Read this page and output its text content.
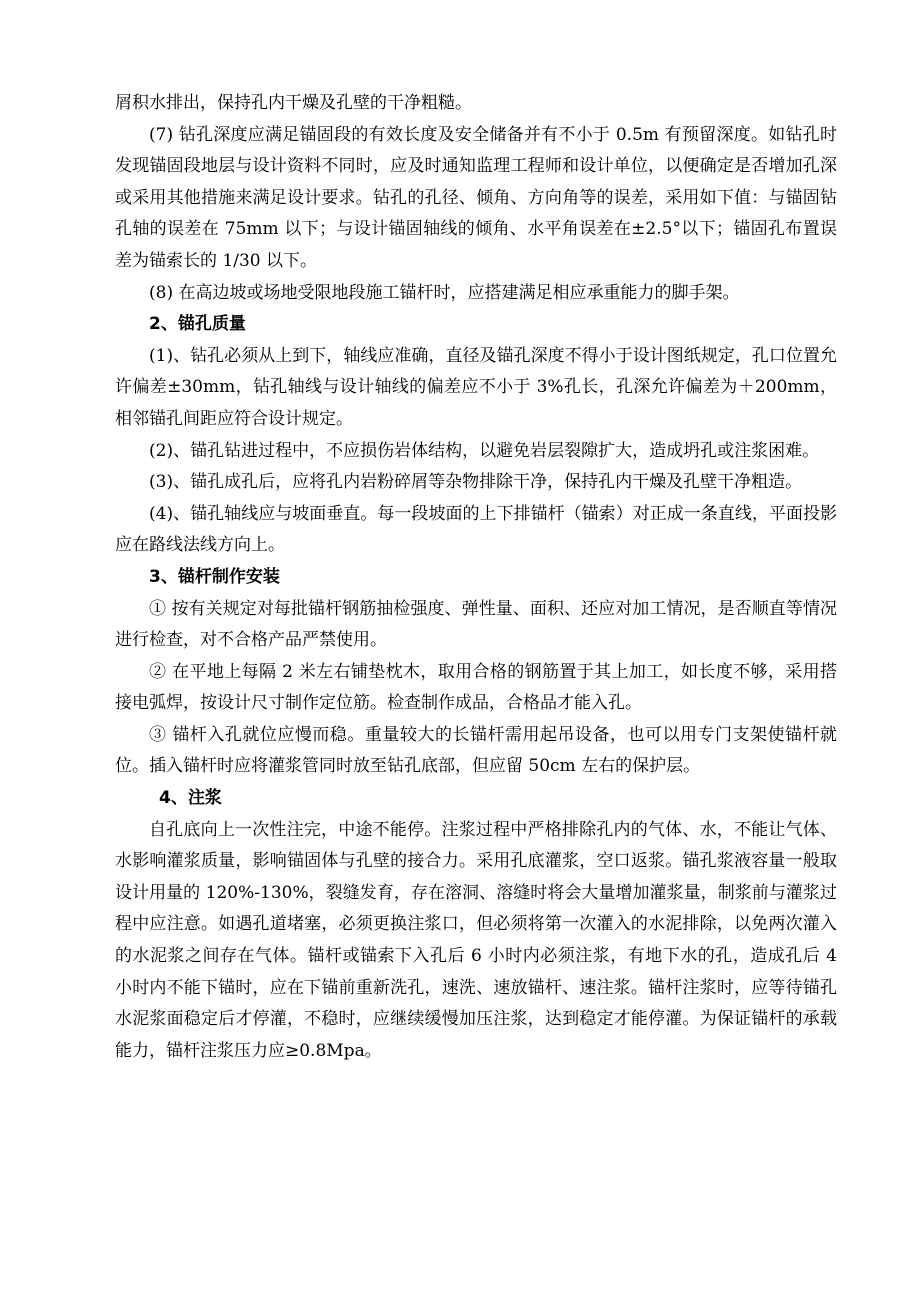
屑积水排出，保持孔内干燥及孔壁的干净粗糙。

(7) 钻孔深度应满足锚固段的有效长度及安全储备并有不小于 0.5m 有预留深度。如钻孔时发现锚固段地层与设计资料不同时，应及时通知监理工程师和设计单位，以便确定是否增加孔深或采用其他措施来满足设计要求。钻孔的孔径、倾角、方向角等的误差，采用如下值：与锚固钻孔轴的误差在 75mm 以下；与设计锚固轴线的倾角、水平角误差在±2.5°以下；锚固孔布置误差为锚索长的 1/30 以下。

(8) 在高边坡或场地受限地段施工锚杆时，应搭建满足相应承重能力的脚手架。

2、锚孔质量

(1)、钻孔必须从上到下，轴线应准确，直径及锚孔深度不得小于设计图纸规定，孔口位置允许偏差±30mm，钻孔轴线与设计轴线的偏差应不小于 3%孔长，孔深允许偏差为＋200mm，相邻锚孔间距应符合设计规定。

(2)、锚孔钻进过程中，不应损伤岩体结构，以避免岩层裂隙扩大，造成坍孔或注浆困难。

(3)、锚孔成孔后，应将孔内岩粉碎屑等杂物排除干净，保持孔内干燥及孔壁干净粗造。

(4)、锚孔轴线应与坡面垂直。每一段坡面的上下排锚杆（锚索）对正成一条直线，平面投影应在路线法线方向上。

3、锚杆制作安装

① 按有关规定对每批锚杆钢筋抽检强度、弹性量、面积、还应对加工情况，是否顺直等情况进行检查，对不合格产品严禁使用。

② 在平地上每隔 2 米左右铺垫枕木，取用合格的钢筋置于其上加工，如长度不够，采用搭接电弧焊，按设计尺寸制作定位筋。检查制作成品，合格品才能入孔。

③ 锚杆入孔就位应慢而稳。重量较大的长锚杆需用起吊设备，也可以用专门支架使锚杆就位。插入锚杆时应将灌浆管同时放至钻孔底部，但应留 50cm 左右的保护层。

4、注浆

自孔底向上一次性注完，中途不能停。注浆过程中严格排除孔内的气体、水，不能让气体、水影响灌浆质量，影响锚固体与孔壁的接合力。采用孔底灌浆，空口返浆。锚孔浆液容量一般取设计用量的 120%-130%，裂缝发育，存在溶洞、溶缝时将会大量增加灌浆量，制浆前与灌浆过程中应注意。如遇孔道堵塞，必须更换注浆口，但必须将第一次灌入的水泥排除，以免两次灌入的水泥浆之间存在气体。锚杆或锚索下入孔后 6 小时内必须注浆，有地下水的孔，造成孔后 4 小时内不能下锚时，应在下锚前重新洗孔，速洗、速放锚杆、速注浆。锚杆注浆时，应等待锚孔水泥浆面稳定后才停灌，不稳时，应继续缓慢加压注浆，达到稳定才能停灌。为保证锚杆的承载能力，锚杆注浆压力应≥0.8Mpa。
